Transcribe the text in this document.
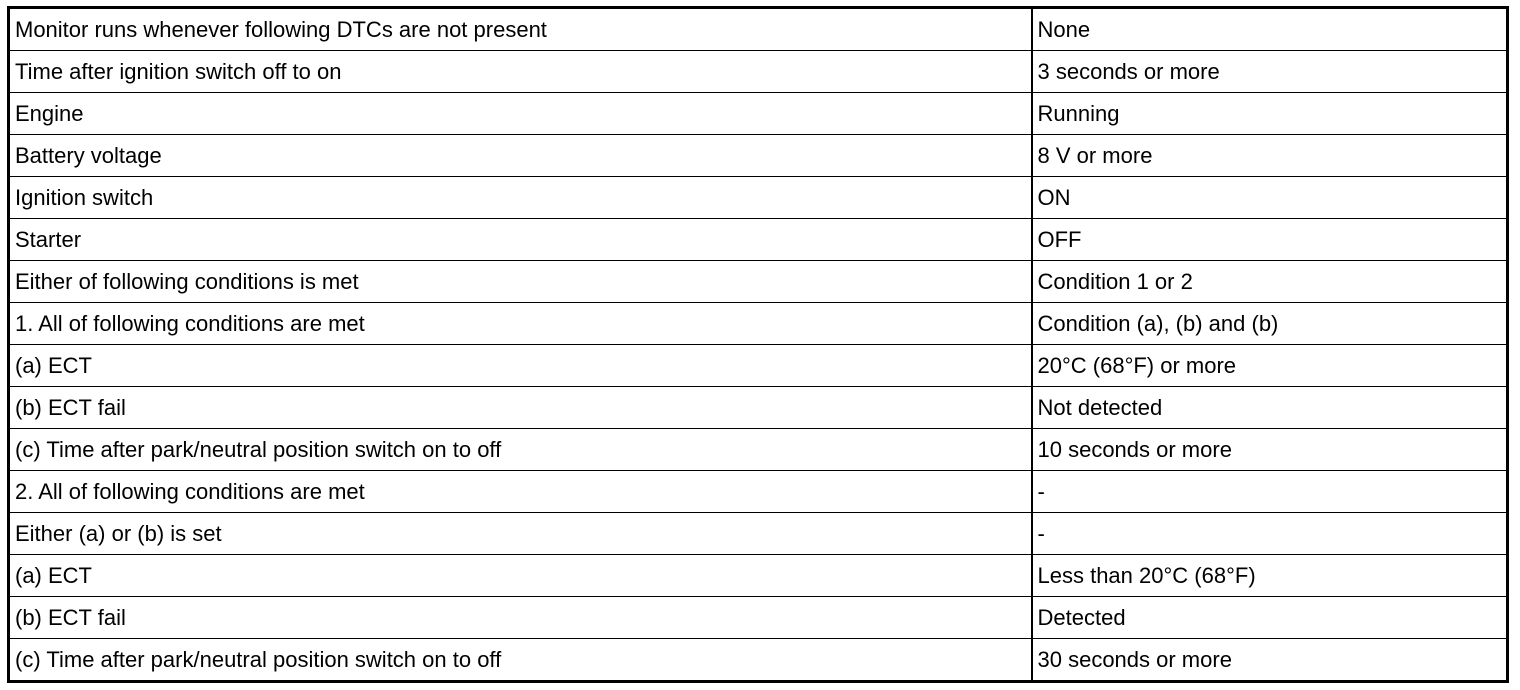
Monitor runs whenever following DTCs are not present	None
Time after ignition switch off to on	3 seconds or more
Engine	Running
Battery voltage	8 V or more
Ignition switch	ON
Starter	OFF
Either of following conditions is met	Condition 1 or 2
1. All of following conditions are met	Condition (a), (b) and (b)
(a) ECT	20°C (68°F) or more
(b) ECT fail	Not detected
(c) Time after park/neutral position switch on to off	10 seconds or more
2. All of following conditions are met	-
Either (a) or (b) is set	-
(a) ECT	Less than 20°C (68°F)
(b) ECT fail	Detected
(c) Time after park/neutral position switch on to off	30 seconds or more
